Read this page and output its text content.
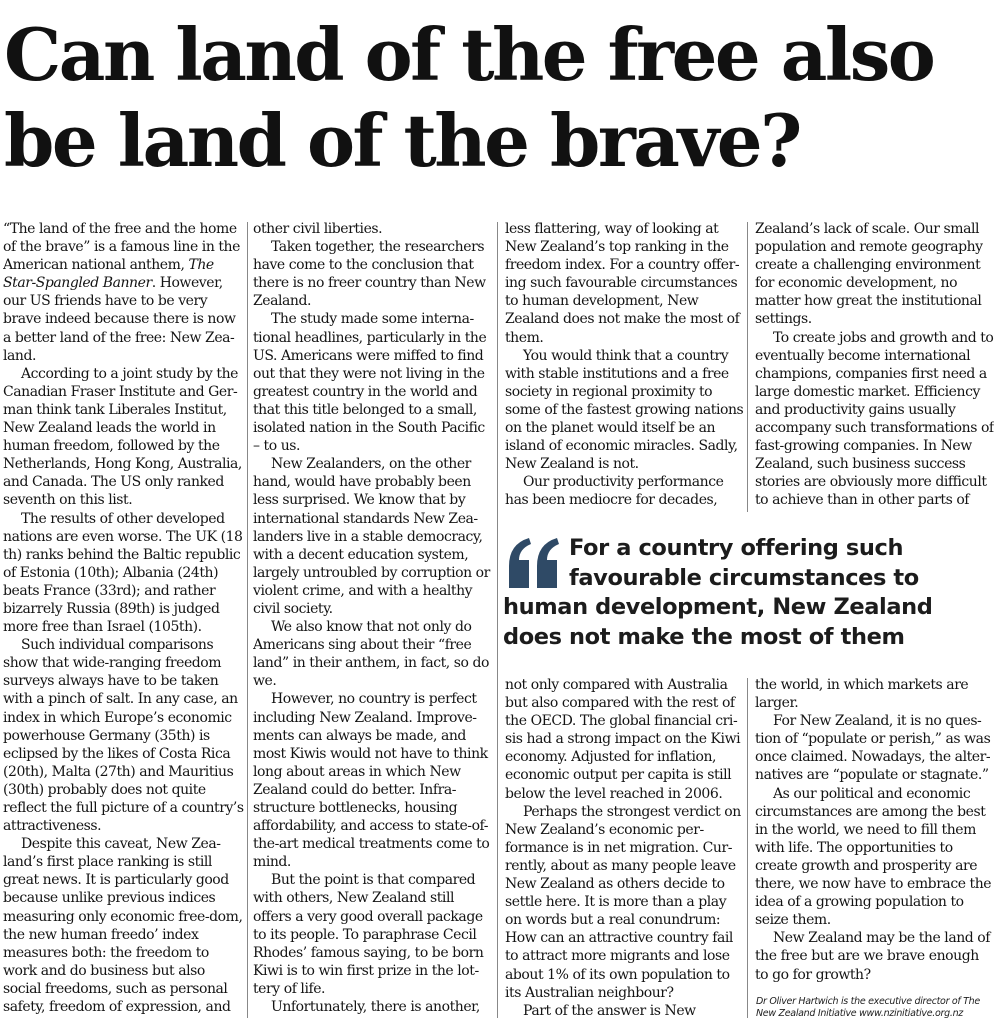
Can land of the free also be land of the brave?

“The land of the free and the home of the brave” is a famous line in the American national anthem, The Star-Spangled Banner. However, our US friends have to be very brave indeed because there is now a better land of the free: New Zea-land.

According to a joint study by the Canadian Fraser Institute and Ger-man think tank Liberales Institut, New Zealand leads the world in human freedom, followed by the Netherlands, Hong Kong, Australia, and Canada. The US only ranked seventh on this list.

The results of other developed nations are even worse. The UK (18 th) ranks behind the Baltic republic of Estonia (10th); Albania (24th) beats France (33rd); and rather bizarrely Russia (89th) is judged more free than Israel (105th).

Such individual comparisons show that wide-ranging freedom surveys always have to be taken with a pinch of salt. In any case, an index in which Europe’s economic powerhouse Germany (35th) is eclipsed by the likes of Costa Rica (20th), Malta (27th) and Mauritius (30th) probably does not quite reflect the full picture of a country’s attractiveness.

Despite this caveat, New Zea-land’s first place ranking is still great news. It is particularly good because unlike previous indices measuring only economic free-dom, the new human freedo’ index measures both: the freedom to work and do business but also social freedoms, such as personal safety, freedom of expression, and

other civil liberties.

Taken together, the researchers have come to the conclusion that there is no freer country than New Zealand.

The study made some interna-tional headlines, particularly in the US. Americans were miffed to find out that they were not living in the greatest country in the world and that this title belonged to a small, isolated nation in the South Pacific – to us.

New Zealanders, on the other hand, would have probably been less surprised. We know that by international standards New Zea-landers live in a stable democracy, with a decent education system, largely untroubled by corruption or violent crime, and with a healthy civil society.

We also know that not only do Americans sing about their “free land” in their anthem, in fact, so do we.

However, no country is perfect including New Zealand. Improve-ments can always be made, and most Kiwis would not have to think long about areas in which New Zealand could do better. Infra-structure bottlenecks, housing affordability, and access to state-of-the-art medical treatments come to mind.

But the point is that compared with others, New Zealand still offers a very good overall package to its people. To paraphrase Cecil Rhodes’ famous saying, to be born Kiwi is to win first prize in the lot-tery of life.

Unfortunately, there is another,

less flattering, way of looking at New Zealand’s top ranking in the freedom index. For a country offer-ing such favourable circumstances to human development, New Zealand does not make the most of them.

You would think that a country with stable institutions and a free society in regional proximity to some of the fastest growing nations on the planet would itself be an island of economic miracles. Sadly, New Zealand is not.

Our productivity performance has been mediocre for decades,

Zealand’s lack of scale. Our small population and remote geography create a challenging environment for economic development, no matter how great the institutional settings.

To create jobs and growth and to eventually become international champions, companies first need a large domestic market. Efficiency and productivity gains usually accompany such transformations of fast-growing companies. In New Zealand, such business success stories are obviously more difficult to achieve than in other parts of

For a country offering such favourable circumstances to human development, New Zealand does not make the most of them

not only compared with Australia but also compared with the rest of the OECD. The global financial cri-sis had a strong impact on the Kiwi economy. Adjusted for inflation, economic output per capita is still below the level reached in 2006.

Perhaps the strongest verdict on New Zealand’s economic per-formance is in net migration. Cur-rently, about as many people leave New Zealand as others decide to settle here. It is more than a play on words but a real conundrum: How can an attractive country fail to attract more migrants and lose about 1% of its own population to its Australian neighbour?

Part of the answer is New

the world, in which markets are larger.

For New Zealand, it is no ques-tion of “populate or perish,” as was once claimed. Nowadays, the alter-natives are “populate or stagnate.”

As our political and economic circumstances are among the best in the world, we need to fill them with life. The opportunities to create growth and prosperity are there, we now have to embrace the idea of a growing population to seize them.

New Zealand may be the land of the free but are we brave enough to go for growth?

Dr Oliver Hartwich is the executive director of The New Zealand Initiative www.nzinitiative.org.nz
